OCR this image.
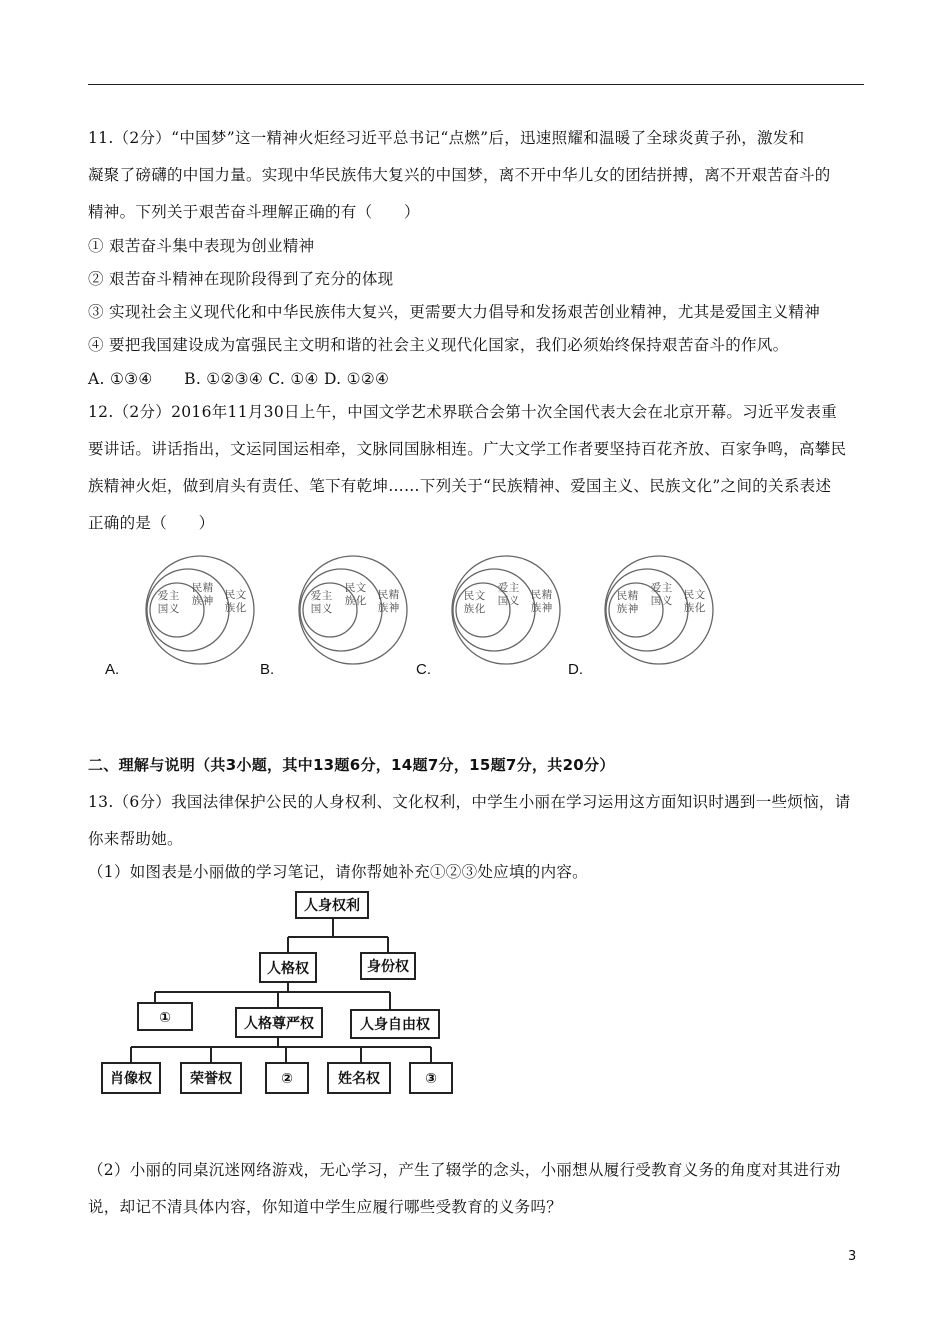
11.（2分）“中国梦”这一精神火炬经习近平总书记“点燃”后，迅速照耀和温暖了全球炎黄子孙，激发和
凝聚了磅礴的中国力量。实现中华民族伟大复兴的中国梦，离不开中华儿女的团结拼搏，离不开艰苦奋斗的
精神。下列关于艰苦奋斗理解正确的有（　　）
① 艰苦奋斗集中表现为创业精神
② 艰苦奋斗精神在现阶段得到了充分的体现
③ 实现社会主义现代化和中华民族伟大复兴，更需要大力倡导和发扬艰苦创业精神，尤其是爱国主义精神
④ 要把我国建设成为富强民主文明和谐的社会主义现代化国家，我们必须始终保持艰苦奋斗的作风。
A. ①③④　　B. ①②③④ C. ①④ D. ①②④
12.（2分）2016年11月30日上午，中国文学艺术界联合会第十次全国代表大会在北京开幕。习近平发表重
要讲话。讲话指出，文运同国运相牵，文脉同国脉相连。广大文学工作者要坚持百花齐放、百家争鸣，高攀民
族精神火炬，做到肩头有责任、笔下有乾坤……下列关于“民族精神、爱国主义、民族文化”之间的关系表述
正确的是（　　）
爱
国
主
义
民
族
精
神 民
族
文
化
爱
国
主
义
民
族
文
化 民
族
精
神
民
族
文
化
爱
国
主
义 民
族
精
神
民
族
精
神
爱
国
主
义 民
族
文
化
A.	B.	C.	D.
二、理解与说明（共3小题，其中13题6分，14题7分，15题7分，共20分）
13.（6分）我国法律保护公民的人身权利、文化权利，中学生小丽在学习运用这方面知识时遇到一些烦恼，请
你来帮助她。
（1）如图表是小丽做的学习笔记，请你帮她补充①②③处应填的内容。
人身权利
人格权	身份权
①	人格尊严权	人身自由权
肖像权	荣誉权	②	姓名权	③
（2）小丽的同桌沉迷网络游戏，无心学习，产生了辍学的念头，小丽想从履行受教育义务的角度对其进行劝
说，却记不清具体内容，你知道中学生应履行哪些受教育的义务吗？
3
